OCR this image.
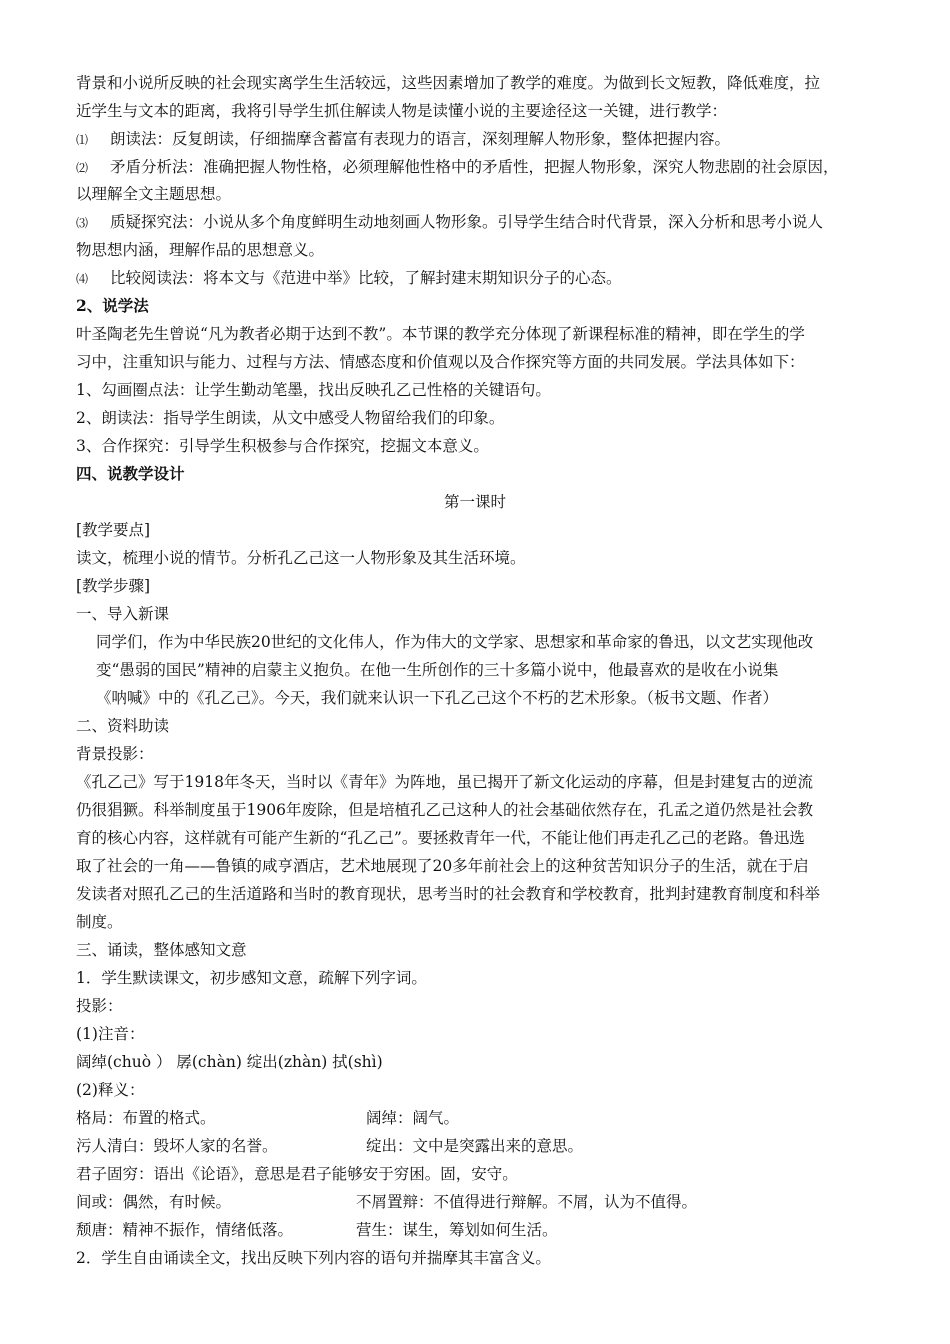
背景和小说所反映的社会现实离学生生活较远，这些因素增加了教学的难度。为做到长文短教，降低难度，拉
近学生与文本的距离，我将引导学生抓住解读人物是读懂小说的主要途径这一关键，进行教学：
⑴ 朗读法：反复朗读，仔细揣摩含蓄富有表现力的语言，深刻理解人物形象，整体把握内容。
⑵ 矛盾分析法：准确把握人物性格，必须理解他性格中的矛盾性，把握人物形象，深究人物悲剧的社会原因，
以理解全文主题思想。
⑶ 质疑探究法：小说从多个角度鲜明生动地刻画人物形象。引导学生结合时代背景，深入分析和思考小说人
物思想内涵，理解作品的思想意义。
⑷ 比较阅读法：将本文与《范进中举》比较，了解封建末期知识分子的心态。
2、说学法
叶圣陶老先生曾说“凡为教者必期于达到不教”。本节课的教学充分体现了新课程标准的精神，即在学生的学
习中，注重知识与能力、过程与方法、情感态度和价值观以及合作探究等方面的共同发展。学法具体如下：
1、勾画圈点法：让学生勤动笔墨，找出反映孔乙己性格的关键语句。
2、朗读法：指导学生朗读，从文中感受人物留给我们的印象。
3、合作探究：引导学生积极参与合作探究，挖掘文本意义。
四、说教学设计
第一课时
[教学要点]
读文，梳理小说的情节。分析孔乙己这一人物形象及其生活环境。
[教学步骤]
一、导入新课
同学们，作为中华民族20世纪的文化伟人，作为伟大的文学家、思想家和革命家的鲁迅，以文艺实现他改
变“愚弱的国民”精神的启蒙主义抱负。在他一生所创作的三十多篇小说中，他最喜欢的是收在小说集
《呐喊》中的《孔乙己》。今天，我们就来认识一下孔乙己这个不朽的艺术形象。（板书文题、作者）
二、资料助读
背景投影：
《孔乙己》写于1918年冬天，当时以《青年》为阵地，虽已揭开了新文化运动的序幕，但是封建复古的逆流
仍很猖獗。科举制度虽于1906年废除，但是培植孔乙己这种人的社会基础依然存在，孔孟之道仍然是社会教
育的核心内容，这样就有可能产生新的“孔乙己”。要拯救青年一代，不能让他们再走孔乙己的老路。鲁迅选
取了社会的一角——鲁镇的咸亨酒店，艺术地展现了20多年前社会上的这种贫苦知识分子的生活，就在于启
发读者对照孔乙己的生活道路和当时的教育现状，思考当时的社会教育和学校教育，批判封建教育制度和科举
制度。
三、诵读，整体感知文意
1．学生默读课文，初步感知文意，疏解下列字词。
投影：
(1)注音：
阔绰(chuò ） 孱(chàn) 绽出(zhàn) 拭(shì)
(2)释义：
格局：布置的格式。	阔绰：阔气。
污人清白：毁坏人家的名誉。	绽出：文中是突露出来的意思。
君子固穷：语出《论语》，意思是君子能够安于穷困。固，安守。
间或：偶然，有时候。	不屑置辩：不值得进行辩解。不屑，认为不值得。
颓唐：精神不振作，情绪低落。	营生：谋生，筹划如何生活。
2．学生自由诵读全文，找出反映下列内容的语句并揣摩其丰富含义。
